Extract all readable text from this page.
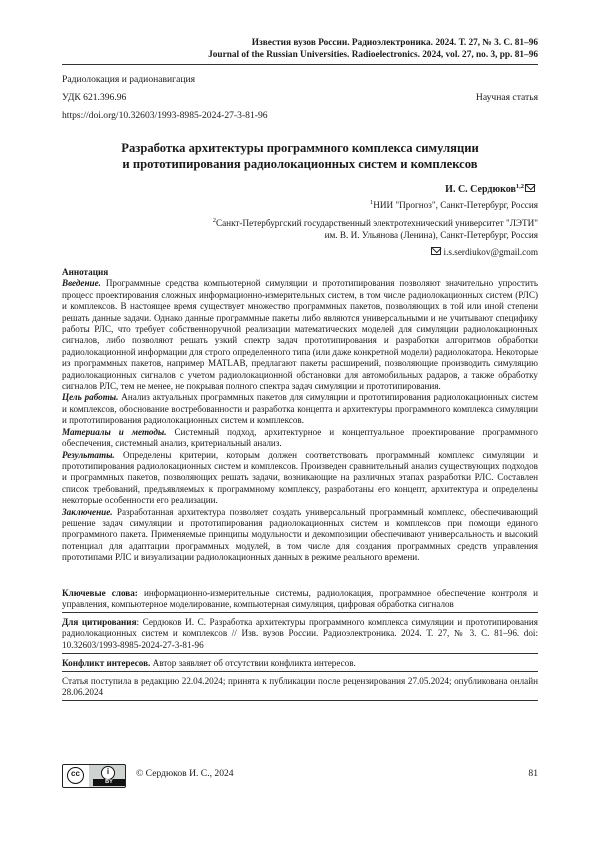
Известия вузов России. Радиоэлектроника. 2024. Т. 27, № 3. С. 81–96
Journal of the Russian Universities. Radioelectronics. 2024, vol. 27, no. 3, pp. 81–96
Радиолокация и радионавигация
УДК 621.396.96	Научная статья
https://doi.org/10.32603/1993-8985-2024-27-3-81-96
Разработка архитектуры программного комплекса симуляции
и прототипирования радиолокационных систем и комплексов
И. С. Сердюков$^{1,2}$
$^1$НИИ "Прогноз", Санкт-Петербург, Россия
$^2$Санкт-Петербургский государственный электротехнический университет "ЛЭТИ"
им. В. И. Ульянова (Ленина), Санкт-Петербург, Россия
i.s.serdiukov@gmail.com

Аннотация

Введение. Программные средства компьютерной симуляции и прототипирования позволяют значительно упростить процесс проектирования сложных информационно-измерительных систем, в том числе радиолокационных систем (РЛС) и комплексов. В настоящее время существует множество программных пакетов, позволяющих в той или иной степени решать данные задачи. Однако данные программные пакеты либо являются универсальными и не учитывают специфику работы РЛС, что требует собственноручной реализации математических моделей для симуляции радиолокационных сигналов, либо позволяют решать узкий спектр задач прототипирования и разработки алгоритмов обработки радиолокационной информации для строго определенного типа (или даже конкретной модели) радиолокатора. Некоторые из программных пакетов, например MATLAB, предлагают пакеты расширений, позволяющие производить симуляцию радиолокационных сигналов с учетом радиолокационной обстановки для автомобильных радаров, а также обработку сигналов РЛС, тем не менее, не покрывая полного спектра задач симуляции и прототипирования.

Цель работы. Анализ актуальных программных пакетов для симуляции и прототипирования радиолокационных систем и комплексов, обоснование востребованности и разработка концепта и архитектуры программного комплекса симуляции и прототипирования радиолокационных систем и комплексов.

Материалы и методы. Системный подход, архитектурное и концептуальное проектирование программного обеспечения, системный анализ, критериальный анализ.

Результаты. Определены критерии, которым должен соответствовать программный комплекс симуляции и прототипирования радиолокационных систем и комплексов. Произведен сравнительный анализ существующих подходов и программных пакетов, позволяющих решать задачи, возникающие на различных этапах разработки РЛС. Составлен список требований, предъявляемых к программному комплексу, разработаны его концепт, архитектура и определены некоторые особенности его реализации.

Заключение. Разработанная архитектура позволяет создать универсальный программный комплекс, обеспечивающий решение задач симуляции и прототипирования радиолокационных систем и комплексов при помощи единого программного пакета. Применяемые принципы модульности и декомпозиции обеспечивают универсальность и высокий потенциал для адаптации программных модулей, в том числе для создания программных средств управления прототипами РЛС и визуализации радиолокационных данных в режиме реального времени.

Ключевые слова: информационно-измерительные системы, радиолокация, программное обеспечение контроля и управления, компьютерное моделирование, компьютерная симуляция, цифровая обработка сигналов

Для цитирования: Сердюков И. С. Разработка архитектуры программного комплекса симуляции и прототипирования радиолокационных систем и комплексов // Изв. вузов России. Радиоэлектроника. 2024. Т. 27, № 3. С. 81–96. doi: 10.32603/1993-8985-2024-27-3-81-96

Конфликт интересов. Автор заявляет об отсутствии конфликта интересов.

Статья поступила в редакцию 22.04.2024; принята к публикации после рецензирования 27.05.2024; опубликована онлайн 28.06.2024

cc	i
BY
© Сердюков И. С., 2024	81
